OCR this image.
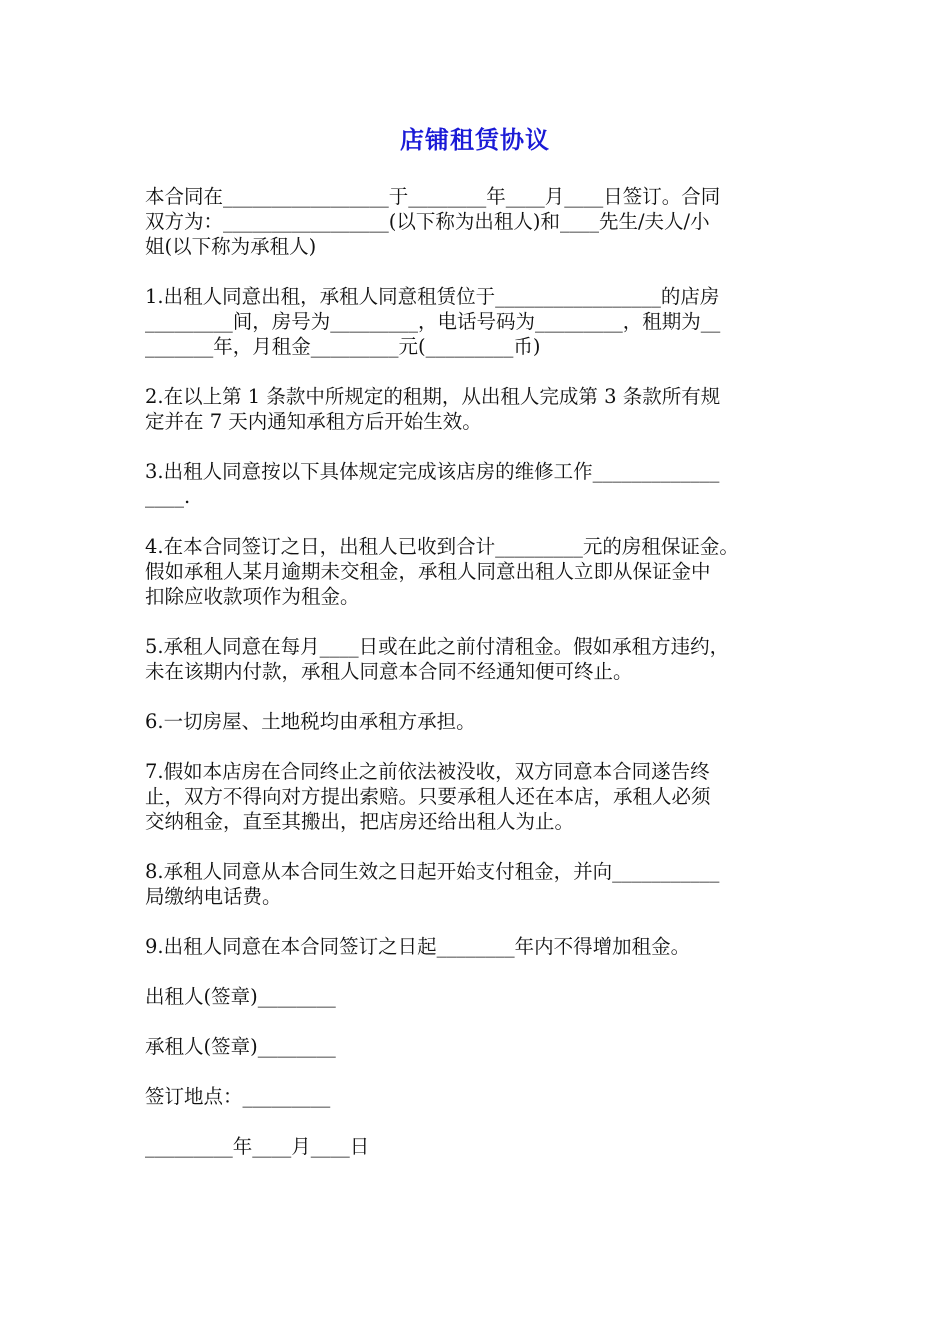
店铺租赁协议
本合同在_________________于________年____月____日签订。合同
双方为：_________________(以下称为出租人)和____先生/夫人/小
姐(以下称为承租人)
1.出租人同意出租，承租人同意租赁位于_________________的店房
_________间，房号为_________，电话号码为_________，租期为__
_______年，月租金_________元(_________币)
2.在以上第 1 条款中所规定的租期，从出租人完成第 3 条款所有规
定并在 7 天内通知承租方后开始生效。
3.出租人同意按以下具体规定完成该店房的维修工作_____________
____.
4.在本合同签订之日，出租人已收到合计_________元的房租保证金。
假如承租人某月逾期未交租金，承租人同意出租人立即从保证金中
扣除应收款项作为租金。
5.承租人同意在每月____日或在此之前付清租金。假如承租方违约，
未在该期内付款，承租人同意本合同不经通知便可终止。
6.一切房屋、土地税均由承租方承担。
7.假如本店房在合同终止之前依法被没收，双方同意本合同遂告终
止，双方不得向对方提出索赔。只要承租人还在本店，承租人必须
交纳租金，直至其搬出，把店房还给出租人为止。
8.承租人同意从本合同生效之日起开始支付租金，并向___________
局缴纳电话费。
9.出租人同意在本合同签订之日起________年内不得增加租金。
出租人(签章)________
承租人(签章)________
签订地点：_________
_________年____月____日
